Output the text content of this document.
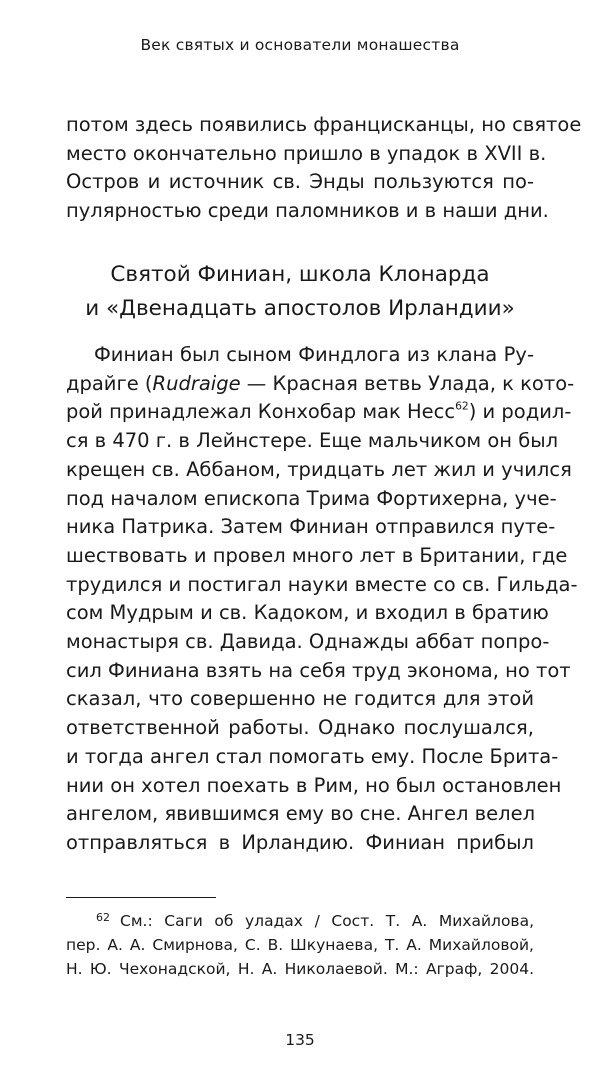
Век святых и основатели монашества
потом здесь появились францисканцы, но святое
место окончательно пришло в упадок в XVII в.
Остров и источник св. Энды пользуются по-
пулярностью среди паломников и в наши дни.
Святой Финиан, школа Клонарда
и «Двенадцать апостолов Ирландии»
Финиан был сыном Финдлога из клана Ру-
драйге (Rudraige — Красная ветвь Улада, к кото-
рой принадлежал Конхобар мак Несс$^{62}$) и родил-
ся в 470 г. в Лейнстере. Еще мальчиком он был
крещен св. Аббаном, тридцать лет жил и учился
под началом епископа Трима Фортихерна, уче-
ника Патрика. Затем Финиан отправился путе-
шествовать и провел много лет в Британии, где
трудился и постигал науки вместе со св. Гильда-
сом Мудрым и св. Кадоком, и входил в братию
монастыря св. Давида. Однажды аббат попро-
сил Финиана взять на себя труд эконома, но тот
сказал, что совершенно не годится для этой
ответственной работы. Однако послушался,
и тогда ангел стал помогать ему. После Брита-
нии он хотел поехать в Рим, но был остановлен
ангелом, явившимся ему во сне. Ангел велел
отправляться в Ирландию. Финиан прибыл
$^{62}$ См.: Саги об уладах / Сост. Т. А. Михайлова,
пер. А. А. Смирнова, С. В. Шкунаева, Т. А. Михайловой,
Н. Ю. Чехонадской, Н. А. Николаевой. М.: Аграф, 2004.
135
